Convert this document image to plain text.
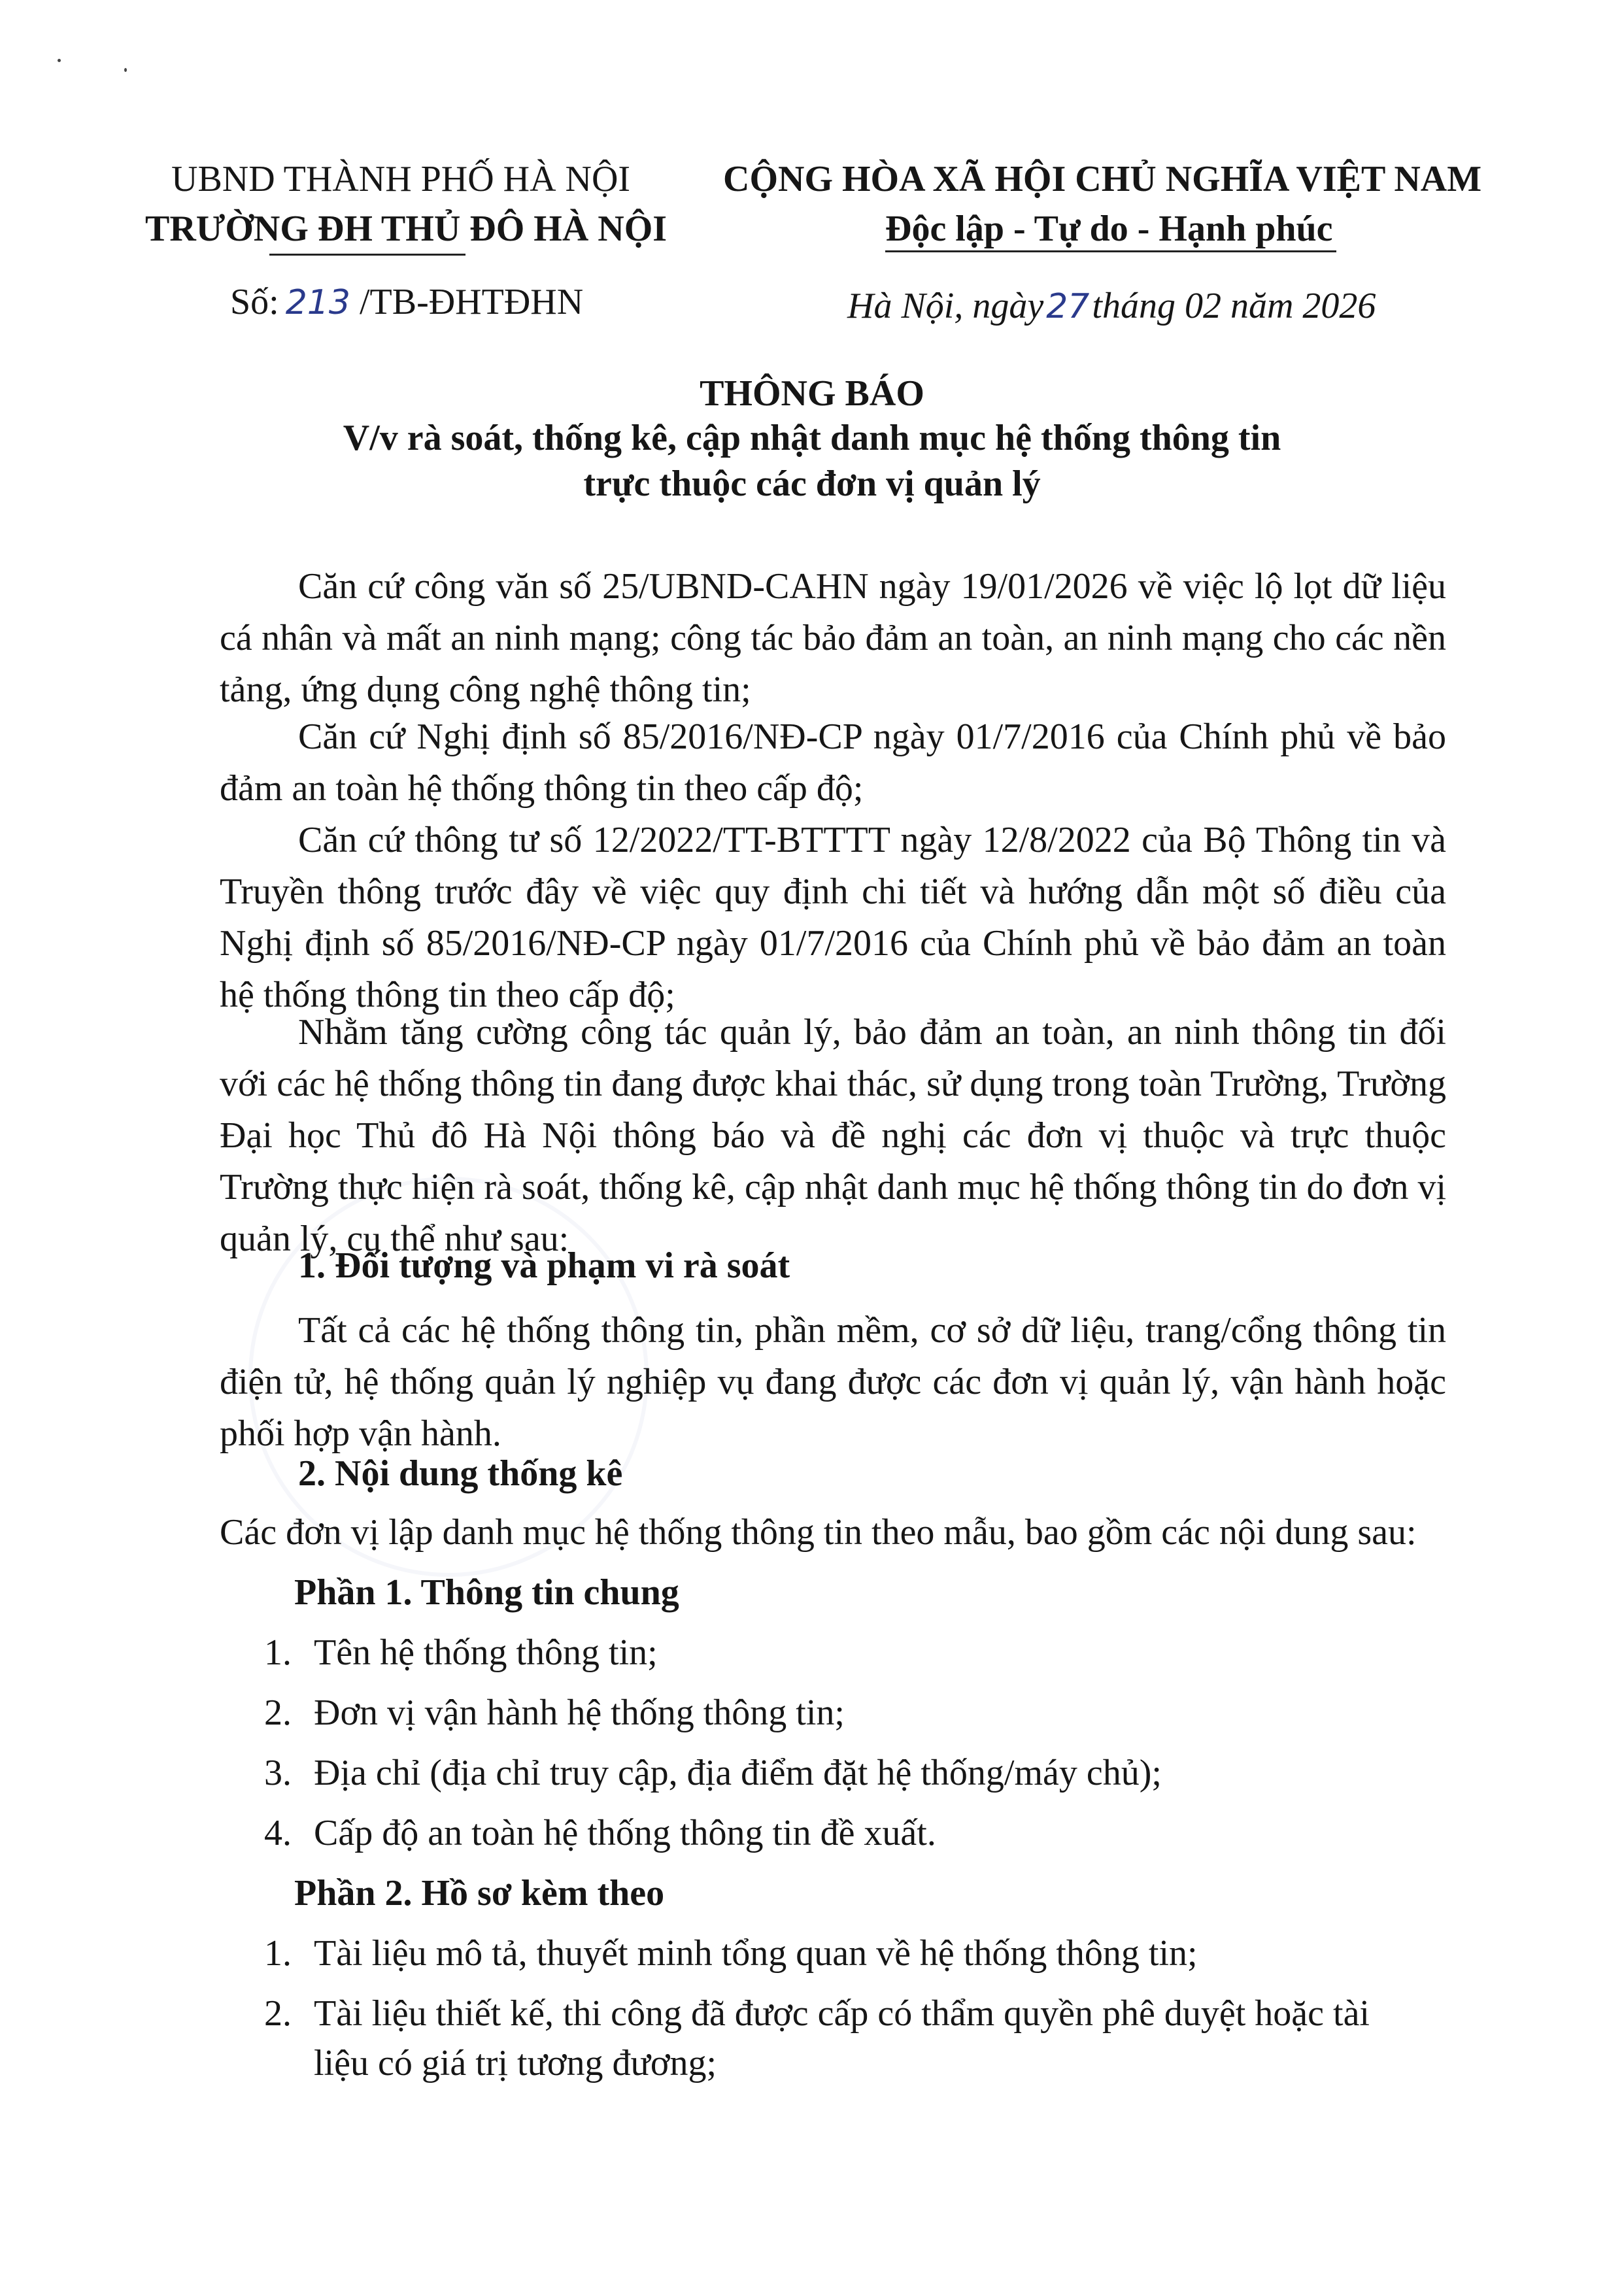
UBND THÀNH PHỐ HÀ NỘI
TRƯỜNG ĐH THỦ ĐÔ HÀ NỘI
CỘNG HÒA XÃ HỘI CHỦ NGHĨA VIỆT NAM
Độc lập - Tự do - Hạnh phúc
Số: 213 /TB-ĐHTĐHN	Hà Nội, ngày27tháng 02 năm 2026
THÔNG BÁO
V/v rà soát, thống kê, cập nhật danh mục hệ thống thông tin
trực thuộc các đơn vị quản lý

Căn cứ công văn số 25/UBND-CAHN ngày 19/01/2026 về việc lộ lọt dữ liệu cá nhân và mất an ninh mạng; công tác bảo đảm an toàn, an ninh mạng cho các nền tảng, ứng dụng công nghệ thông tin;

Căn cứ Nghị định số 85/2016/NĐ-CP ngày 01/7/2016 của Chính phủ về bảo đảm an toàn hệ thống thông tin theo cấp độ;

Căn cứ thông tư số 12/2022/TT-BTTTT ngày 12/8/2022 của Bộ Thông tin và Truyền thông trước đây về việc quy định chi tiết và hướng dẫn một số điều của Nghị định số 85/2016/NĐ-CP ngày 01/7/2016 của Chính phủ về bảo đảm an toàn hệ thống thông tin theo cấp độ;

Nhằm tăng cường công tác quản lý, bảo đảm an toàn, an ninh thông tin đối với các hệ thống thông tin đang được khai thác, sử dụng trong toàn Trường, Trường Đại học Thủ đô Hà Nội thông báo và đề nghị các đơn vị thuộc và trực thuộc Trường thực hiện rà soát, thống kê, cập nhật danh mục hệ thống thông tin do đơn vị quản lý, cụ thể như sau:

1. Đối tượng và phạm vi rà soát

Tất cả các hệ thống thông tin, phần mềm, cơ sở dữ liệu, trang/cổng thông tin điện tử, hệ thống quản lý nghiệp vụ đang được các đơn vị quản lý, vận hành hoặc phối hợp vận hành.

2. Nội dung thống kê
Các đơn vị lập danh mục hệ thống thông tin theo mẫu, bao gồm các nội dung sau:
Phần 1. Thông tin chung
1. Tên hệ thống thông tin;
2. Đơn vị vận hành hệ thống thông tin;
3. Địa chỉ (địa chỉ truy cập, địa điểm đặt hệ thống/máy chủ);
4. Cấp độ an toàn hệ thống thông tin đề xuất.
Phần 2. Hồ sơ kèm theo
1. Tài liệu mô tả, thuyết minh tổng quan về hệ thống thông tin;
2. Tài liệu thiết kế, thi công đã được cấp có thẩm quyền phê duyệt hoặc tài
liệu có giá trị tương đương;
